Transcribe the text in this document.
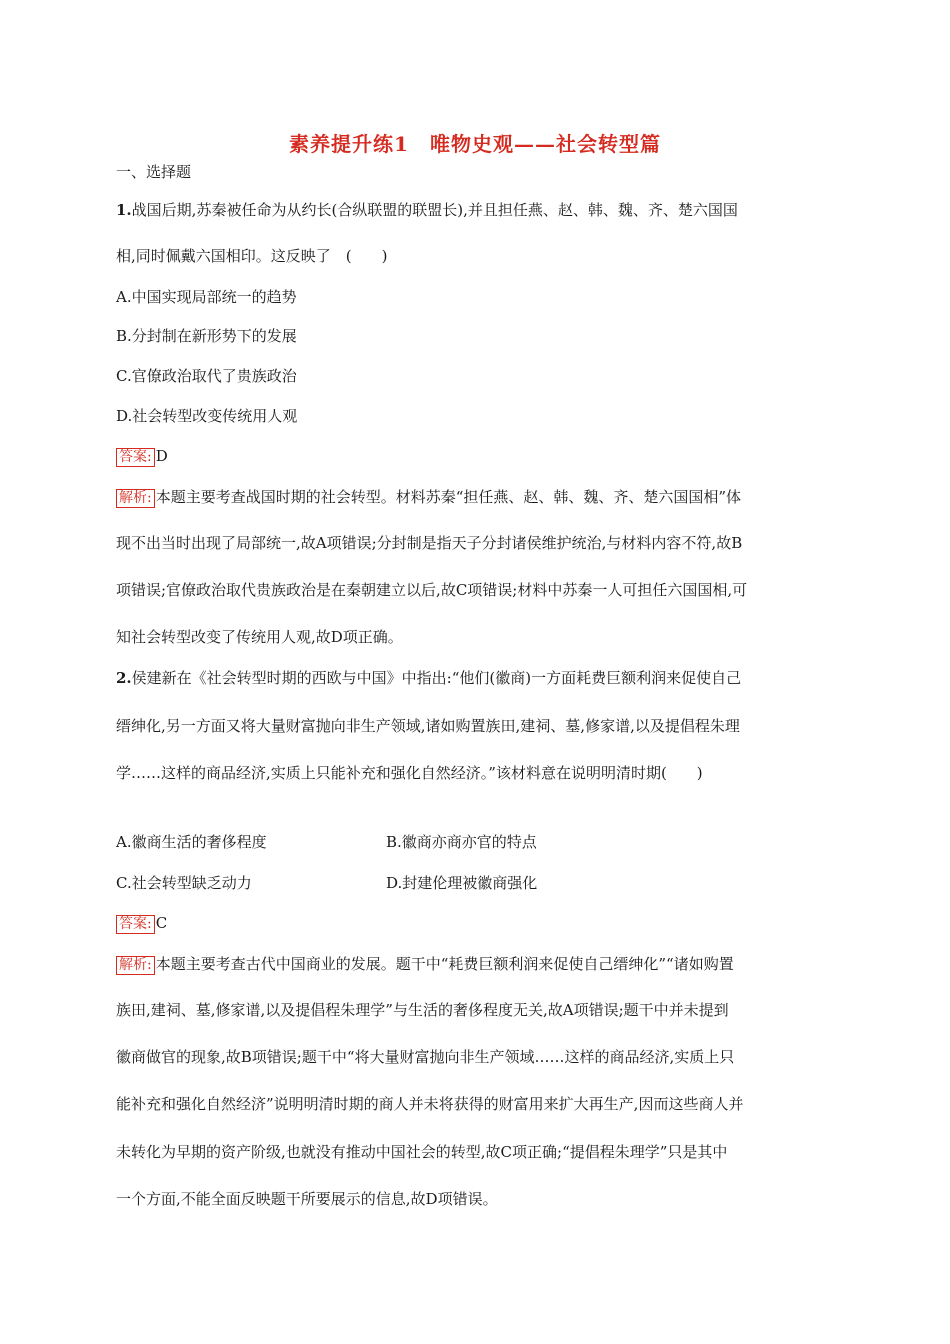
素养提升练1　唯物史观——社会转型篇
一、选择题
1.战国后期,苏秦被任命为从约长(合纵联盟的联盟长),并且担任燕、赵、韩、魏、齐、楚六国国
相,同时佩戴六国相印。这反映了　(　　)
A.中国实现局部统一的趋势
B.分封制在新形势下的发展
C.官僚政治取代了贵族政治
D.社会转型改变传统用人观
答案: D
解析: 本题主要考查战国时期的社会转型。材料苏秦“担任燕、赵、韩、魏、齐、楚六国国相”体
现不出当时出现了局部统一,故A项错误;分封制是指天子分封诸侯维护统治,与材料内容不符,故B
项错误;官僚政治取代贵族政治是在秦朝建立以后,故C项错误;材料中苏秦一人可担任六国国相,可
知社会转型改变了传统用人观,故D项正确。
2.侯建新在《社会转型时期的西欧与中国》中指出:“他们(徽商)一方面耗费巨额利润来促使自己
缙绅化,另一方面又将大量财富抛向非生产领域,诸如购置族田,建祠、墓,修家谱,以及提倡程朱理
学……这样的商品经济,实质上只能补充和强化自然经济。”该材料意在说明明清时期(　　)
A.徽商生活的奢侈程度	B.徽商亦商亦官的特点
C.社会转型缺乏动力	D.封建伦理被徽商强化
答案: C
解析: 本题主要考查古代中国商业的发展。题干中“耗费巨额利润来促使自己缙绅化”“诸如购置
族田,建祠、墓,修家谱,以及提倡程朱理学”与生活的奢侈程度无关,故A项错误;题干中并未提到
徽商做官的现象,故B项错误;题干中“将大量财富抛向非生产领域……这样的商品经济,实质上只
能补充和强化自然经济”说明明清时期的商人并未将获得的财富用来扩大再生产,因而这些商人并
未转化为早期的资产阶级,也就没有推动中国社会的转型,故C项正确;“提倡程朱理学”只是其中
一个方面,不能全面反映题干所要展示的信息,故D项错误。
